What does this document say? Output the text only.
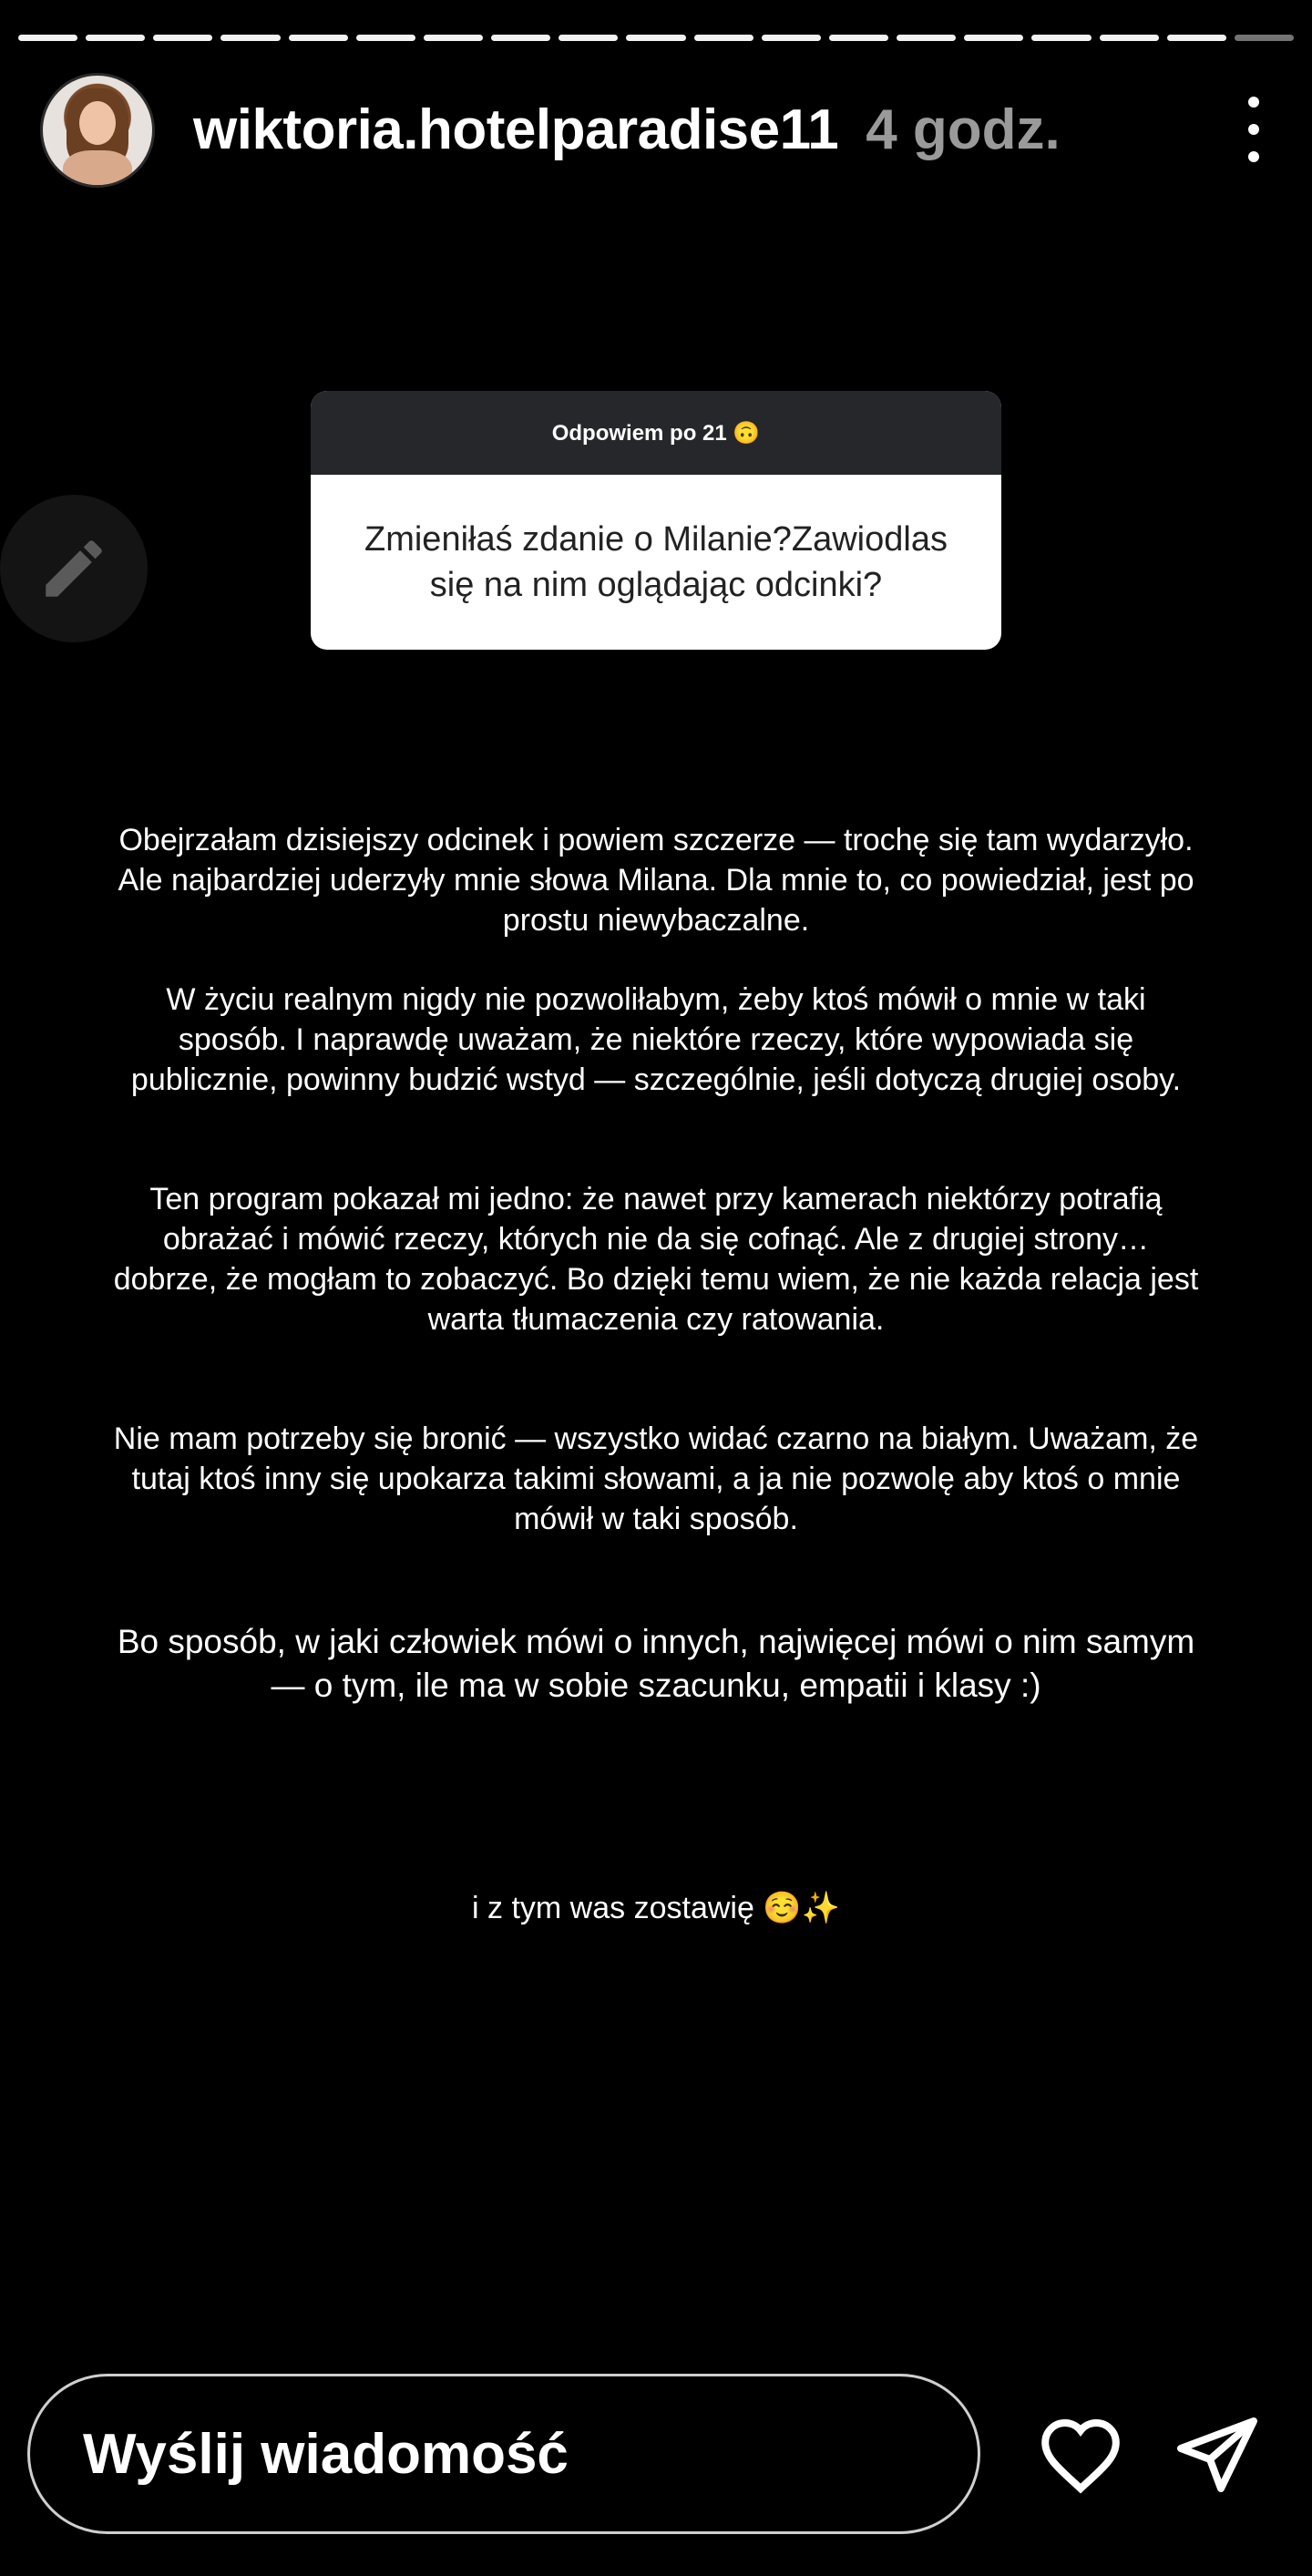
wiktoria.hotelparadise11 4 godz.
Odpowiem po 21 🙃
Zmieniłaś zdanie o Milanie?Zawiodlas się na nim oglądając odcinki?

Obejrzałam dzisiejszy odcinek i powiem szczerze — trochę się tam wydarzyło. Ale najbardziej uderzyły mnie słowa Milana. Dla mnie to, co powiedział, jest po prostu niewybaczalne.

W życiu realnym nigdy nie pozwoliłabym, żeby ktoś mówił o mnie w taki sposób. I naprawdę uważam, że niektóre rzeczy, które wypowiada się publicznie, powinny budzić wstyd — szczególnie, jeśli dotyczą drugiej osoby.

Ten program pokazał mi jedno: że nawet przy kamerach niektórzy potrafią obrażać i mówić rzeczy, których nie da się cofnąć. Ale z drugiej strony… dobrze, że mogłam to zobaczyć. Bo dzięki temu wiem, że nie każda relacja jest warta tłumaczenia czy ratowania.

Nie mam potrzeby się bronić — wszystko widać czarno na białym. Uważam, że tutaj ktoś inny się upokarza takimi słowami, a ja nie pozwolę aby ktoś o mnie mówił w taki sposób.

Bo sposób, w jaki człowiek mówi o innych, najwięcej mówi o nim samym — o tym, ile ma w sobie szacunku, empatii i klasy :)

i z tym was zostawię ☺️✨

Wyślij wiadomość
